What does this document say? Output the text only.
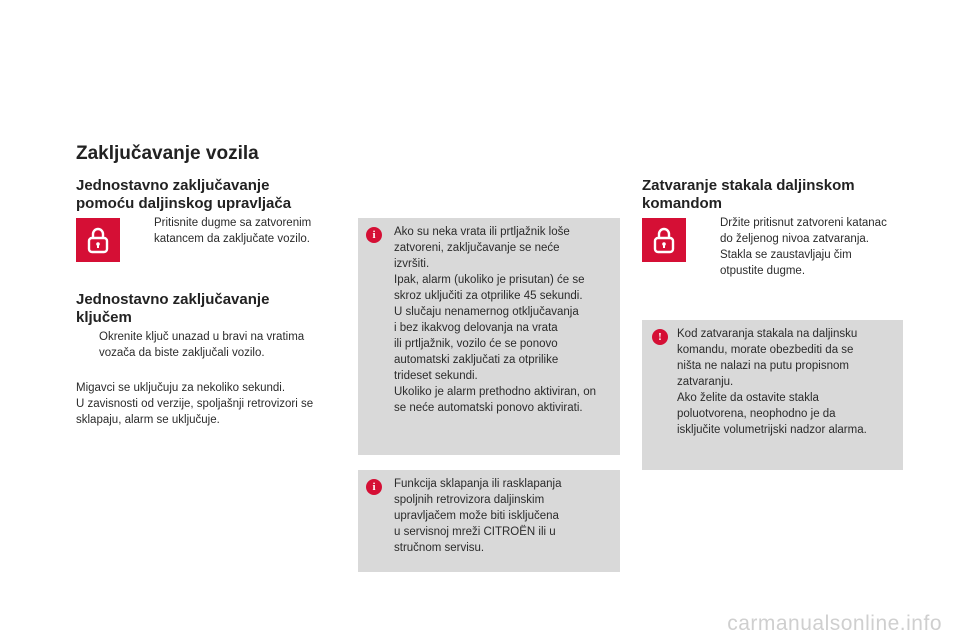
Zaključavanje vozila
Jednostavno zaključavanje
pomoću daljinskog upravljača

Pritisnite dugme sa zatvorenim

katancem da zaključate vozilo.

Jednostavno zaključavanje
ključem

Okrenite ključ unazad u bravi na vratima

vozača da biste zaključali vozilo.

Migavci se uključuju za nekoliko sekundi.

U zavisnosti od verzije, spoljašnji retrovizori se

sklapaju, alarm se uključuje.

i	Ako su neka vrata ili prtljažnik loše

zatvoreni, zaključavanje se neće

izvršiti.

Ipak, alarm (ukoliko je prisutan) će se

skroz uključiti za otprilike 45 sekundi.

U slučaju nenamernog otključavanja

i bez ikakvog delovanja na vrata

ili prtljažnik, vozilo će se ponovo

automatski zaključati za otprilike

trideset sekundi.

Ukoliko je alarm prethodno aktiviran, on

se neće automatski ponovo aktivirati.

i	Funkcija sklapanja ili rasklapanja

spoljnih retrovizora daljinskim

upravljačem može biti isključena

u servisnoj mreži CITROËN ili u

stručnom servisu.

Zatvaranje stakala daljinskom
komandom

Držite pritisnut zatvoreni katanac

do željenog nivoa zatvaranja.

Stakla se zaustavljaju čim

otpustite dugme.

!	Kod zatvaranja stakala na daljinsku

komandu, morate obezbediti da se

ništa ne nalazi na putu propisnom

zatvaranju.

Ako želite da ostavite stakla

poluotvorena, neophodno je da

isključite volumetrijski nadzor alarma.

carmanualsonline.info
